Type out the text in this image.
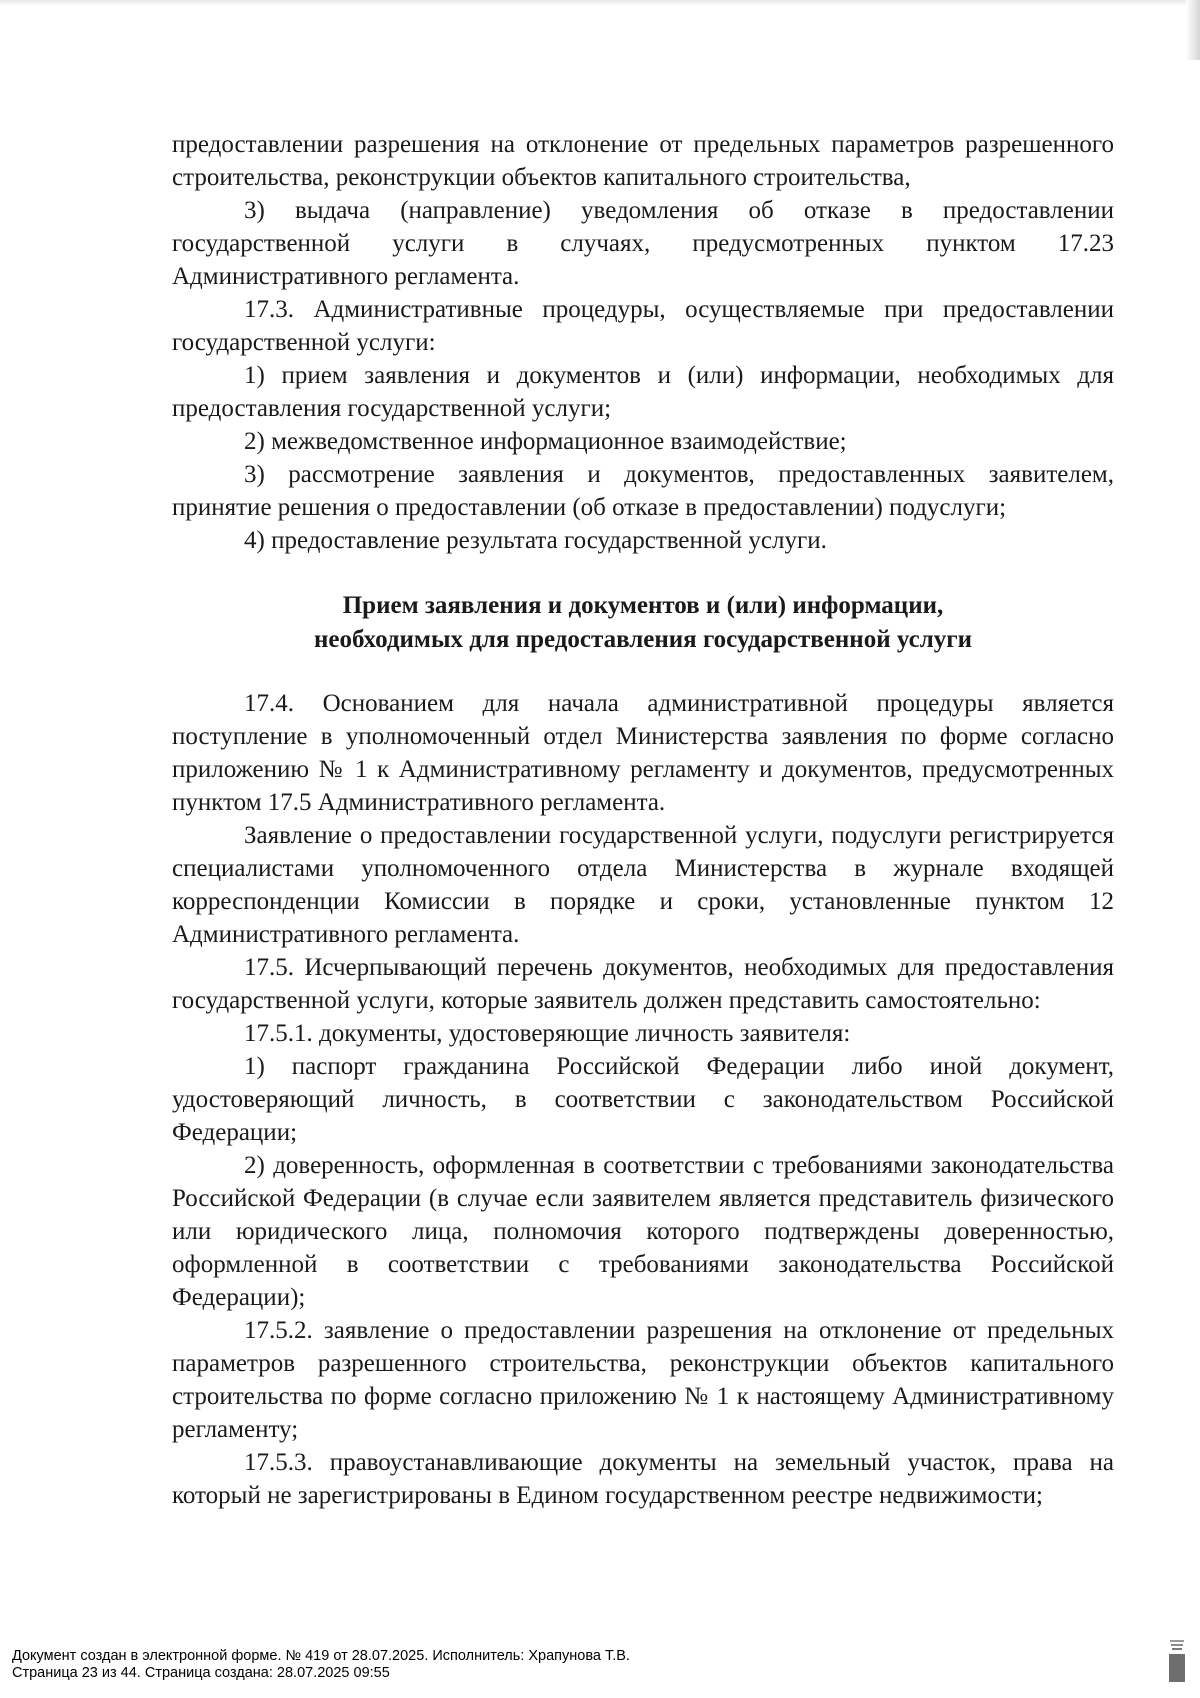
предоставлении разрешения на отклонение от предельных параметров разрешенного строительства, реконструкции объектов капитального строительства,

3) выдача (направление) уведомления об отказе в предоставлении государственной услуги в случаях, предусмотренных пунктом 17.23 Административного регламента.

17.3. Административные процедуры, осуществляемые при предоставлении государственной услуги:

1) прием заявления и документов и (или) информации, необходимых для предоставления государственной услуги;

2) межведомственное информационное взаимодействие;

3) рассмотрение заявления и документов, предоставленных заявителем, принятие решения о предоставлении (об отказе в предоставлении) подуслуги;

4) предоставление результата государственной услуги.

Прием заявления и документов и (или) информации,
необходимых для предоставления государственной услуги

17.4. Основанием для начала административной процедуры является поступление в уполномоченный отдел Министерства заявления по форме согласно приложению № 1 к Административному регламенту и документов, предусмотренных пунктом 17.5 Административного регламента.

Заявление о предоставлении государственной услуги, подуслуги регистрируется специалистами уполномоченного отдела Министерства в журнале входящей корреспонденции Комиссии в порядке и сроки, установленные пунктом 12 Административного регламента.

17.5. Исчерпывающий перечень документов, необходимых для предоставления государственной услуги, которые заявитель должен представить самостоятельно:

17.5.1. документы, удостоверяющие личность заявителя:

1) паспорт гражданина Российской Федерации либо иной документ, удостоверяющий личность, в соответствии с законодательством Российской Федерации;

2) доверенность, оформленная в соответствии с требованиями законодательства Российской Федерации (в случае если заявителем является представитель физического или юридического лица, полномочия которого подтверждены доверенностью, оформленной в соответствии с требованиями законодательства Российской Федерации);

17.5.2. заявление о предоставлении разрешения на отклонение от предельных параметров разрешенного строительства, реконструкции объектов капитального строительства по форме согласно приложению № 1 к настоящему Административному регламенту;

17.5.3. правоустанавливающие документы на земельный участок, права на который не зарегистрированы в Едином государственном реестре недвижимости;

Документ создан в электронной форме. № 419 от 28.07.2025. Исполнитель: Храпунова Т.В.
Страница 23 из 44. Страница создана: 28.07.2025 09:55
